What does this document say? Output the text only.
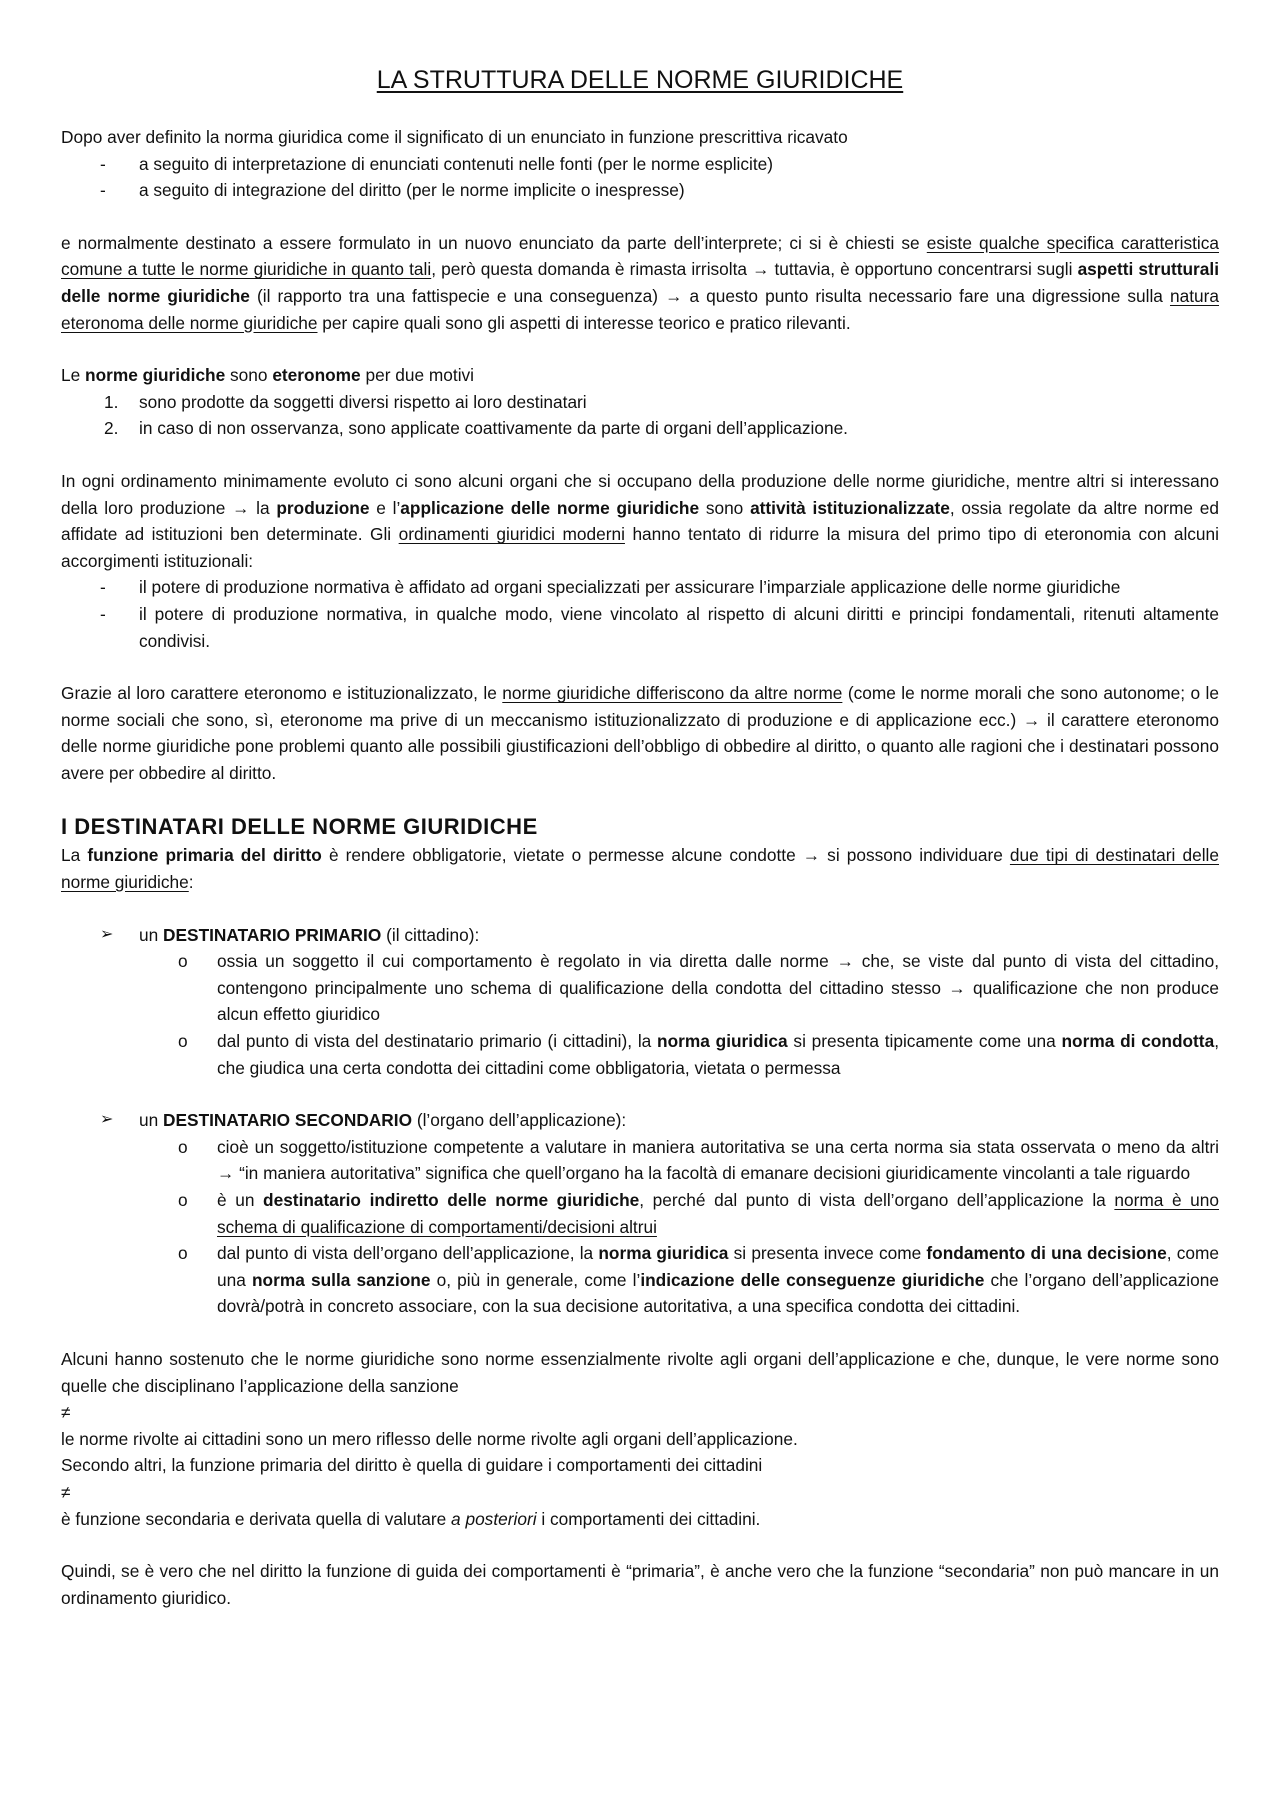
LA STRUTTURA DELLE NORME GIURIDICHE

Dopo aver definito la norma giuridica come il significato di un enunciato in funzione prescrittiva ricavato

- a seguito di interpretazione di enunciati contenuti nelle fonti (per le norme esplicite)
- a seguito di integrazione del diritto (per le norme implicite o inespresse)

e normalmente destinato a essere formulato in un nuovo enunciato da parte dell’interprete; ci si è chiesti se esiste qualche specifica caratteristica comune a tutte le norme giuridiche in quanto tali, però questa domanda è rimasta irrisolta → tuttavia, è opportuno concentrarsi sugli aspetti strutturali delle norme giuridiche (il rapporto tra una fattispecie e una conseguenza) → a questo punto risulta necessario fare una digressione sulla natura eteronoma delle norme giuridiche per capire quali sono gli aspetti di interesse teorico e pratico rilevanti.

Le norme giuridiche sono eteronome per due motivi

1. sono prodotte da soggetti diversi rispetto ai loro destinatari
2. in caso di non osservanza, sono applicate coattivamente da parte di organi dell’applicazione.

In ogni ordinamento minimamente evoluto ci sono alcuni organi che si occupano della produzione delle norme giuridiche, mentre altri si interessano della loro produzione → la produzione e l’applicazione delle norme giuridiche sono attività istituzionalizzate, ossia regolate da altre norme ed affidate ad istituzioni ben determinate. Gli ordinamenti giuridici moderni hanno tentato di ridurre la misura del primo tipo di eteronomia con alcuni accorgimenti istituzionali:

- il potere di produzione normativa è affidato ad organi specializzati per assicurare l’imparziale applicazione delle norme giuridiche
- il potere di produzione normativa, in qualche modo, viene vincolato al rispetto di alcuni diritti e principi fondamentali, ritenuti altamente condivisi.

Grazie al loro carattere eteronomo e istituzionalizzato, le norme giuridiche differiscono da altre norme (come le norme morali che sono autonome; o le norme sociali che sono, sì, eteronome ma prive di un meccanismo istituzionalizzato di produzione e di applicazione ecc.) → il carattere eteronomo delle norme giuridiche pone problemi quanto alle possibili giustificazioni dell’obbligo di obbedire al diritto, o quanto alle ragioni che i destinatari possono avere per obbedire al diritto.

I DESTINATARI DELLE NORME GIURIDICHE

La funzione primaria del diritto è rendere obbligatorie, vietate o permesse alcune condotte → si possono individuare due tipi di destinatari delle norme giuridiche:

➢ un DESTINATARIO PRIMARIO (il cittadino):
o ossia un soggetto il cui comportamento è regolato in via diretta dalle norme → che, se viste dal punto di vista del cittadino, contengono principalmente uno schema di qualificazione della condotta del cittadino stesso → qualificazione che non produce alcun effetto giuridico
o dal punto di vista del destinatario primario (i cittadini), la norma giuridica si presenta tipicamente come una norma di condotta, che giudica una certa condotta dei cittadini come obbligatoria, vietata o permessa
➢ un DESTINATARIO SECONDARIO (l’organo dell’applicazione):
o cioè un soggetto/istituzione competente a valutare in maniera autoritativa se una certa norma sia stata osservata o meno da altri → “in maniera autoritativa” significa che quell’organo ha la facoltà di emanare decisioni giuridicamente vincolanti a tale riguardo
o è un destinatario indiretto delle norme giuridiche, perché dal punto di vista dell’organo dell’applicazione la norma è uno schema di qualificazione di comportamenti/decisioni altrui
o dal punto di vista dell’organo dell’applicazione, la norma giuridica si presenta invece come fondamento di una decisione, come una norma sulla sanzione o, più in generale, come l’indicazione delle conseguenze giuridiche che l’organo dell’applicazione dovrà/potrà in concreto associare, con la sua decisione autoritativa, a una specifica condotta dei cittadini.

Alcuni hanno sostenuto che le norme giuridiche sono norme essenzialmente rivolte agli organi dell’applicazione e che, dunque, le vere norme sono quelle che disciplinano l’applicazione della sanzione

≠

le norme rivolte ai cittadini sono un mero riflesso delle norme rivolte agli organi dell’applicazione.

Secondo altri, la funzione primaria del diritto è quella di guidare i comportamenti dei cittadini

≠

è funzione secondaria e derivata quella di valutare a posteriori i comportamenti dei cittadini.

Quindi, se è vero che nel diritto la funzione di guida dei comportamenti è “primaria”, è anche vero che la funzione “secondaria” non può mancare in un ordinamento giuridico.
